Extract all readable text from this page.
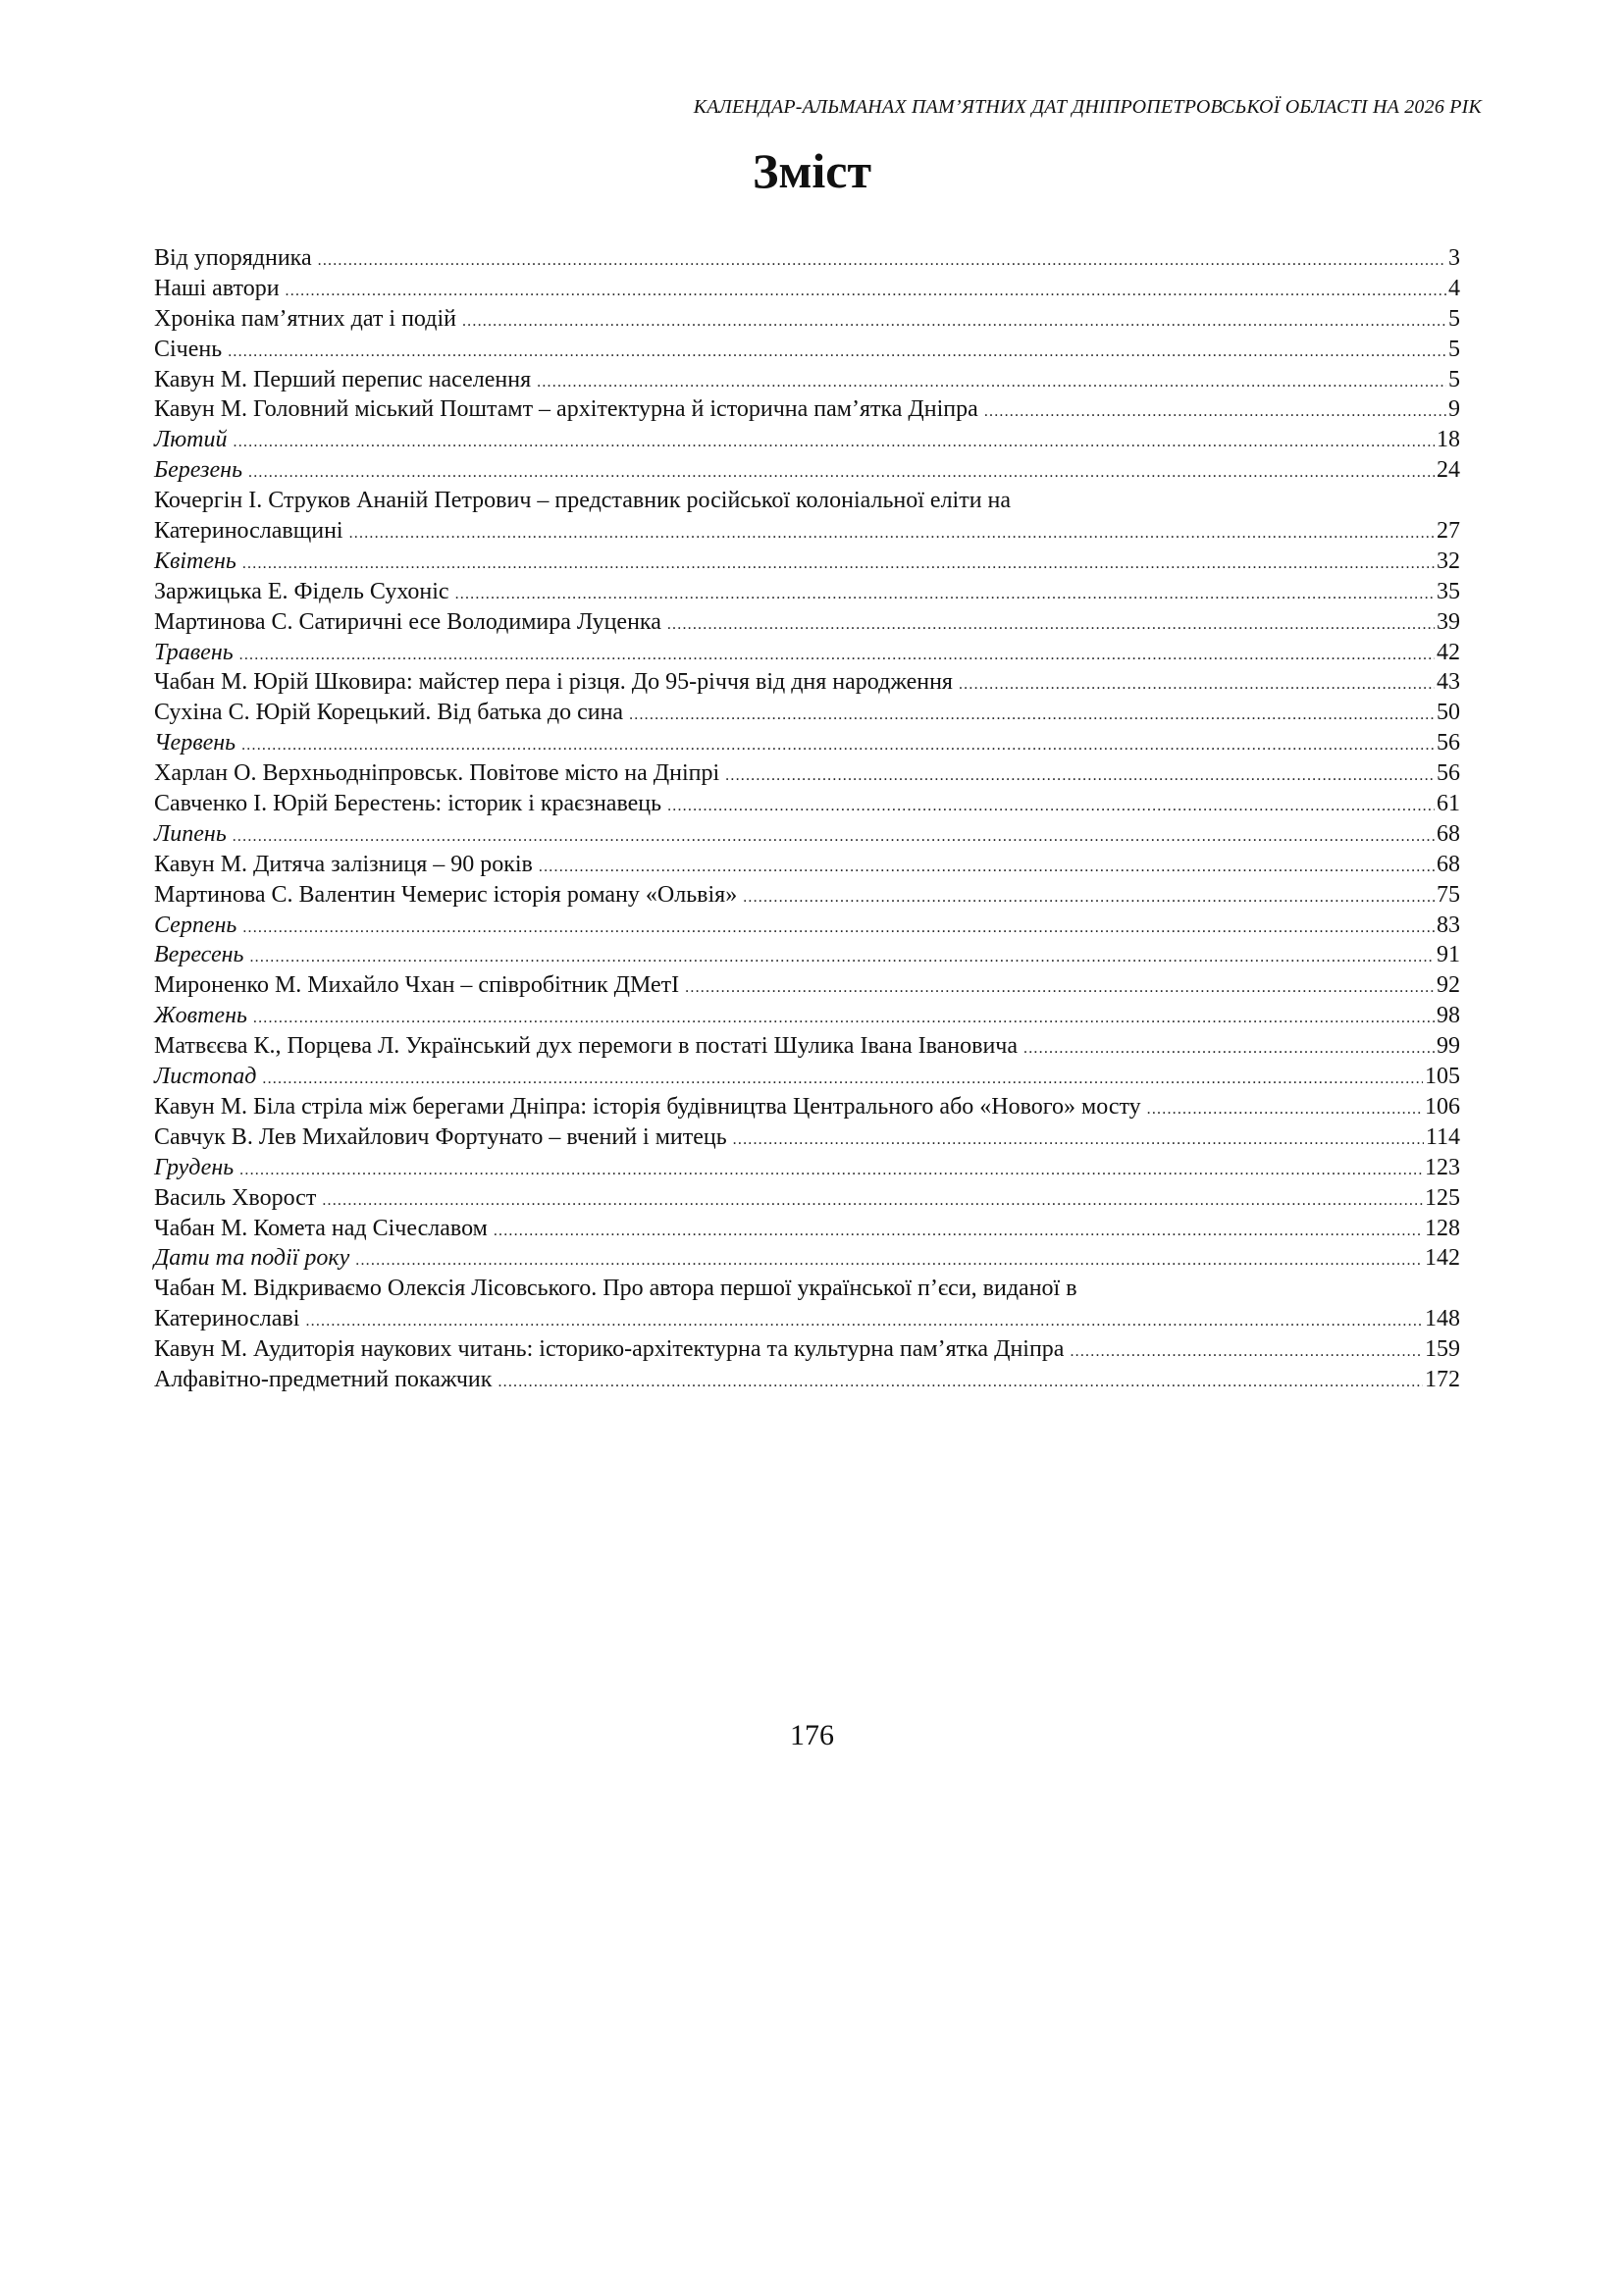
КАЛЕНДАР-АЛЬМАНАХ ПАМ’ЯТНИХ ДАТ ДНІПРОПЕТРОВСЬКОЇ ОБЛАСТІ НА 2026 РІК
Зміст
Від упорядника .....	3
Наші автори .....	4
Хроніка пам’ятних дат і подій .....	5
Січень .....	5
Кавун М. Перший перепис населення .....	5
Кавун М. Головний міський Поштамт – архітектурна й історична пам’ятка Дніпра .....	9
Лютий .....	18
Березень .....	24
Кочергін І. Струков Ананій Петрович – представник російської колоніальної еліти на
Катеринославщині .....	27
Квітень .....	32
Заржицька Е. Фідель Сухоніс .....	35
Мартинова С. Сатиричні есе Володимира Луценка .....	39
Травень .....	42
Чабан М. Юрій Шковира: майстер пера і різця. До 95-річчя від дня народження .....	43
Сухіна С. Юрій Корецький. Від батька до сина .....	50
Червень .....	56
Харлан О. Верхньодніпровськ. Повітове місто на Дніпрі .....	56
Савченко І. Юрій Берестень: історик і краєзнавець .....	61
Липень .....	68
Кавун М. Дитяча залізниця – 90 років .....	68
Мартинова С. Валентин Чемерис історія роману «Ольвія» .....	75
Серпень .....	83
Вересень .....	91
Мироненко М. Михайло Чхан – співробітник ДМетІ .....	92
Жовтень .....	98
Матвєєва К., Порцева Л. Український дух перемоги в постаті Шулика Івана Івановича .....	99
Листопад .....	105
Кавун М. Біла стріла між берегами Дніпра: історія будівництва Центрального або «Нового» мосту .....	106
Савчук В. Лев Михайлович Фортунато – вчений і митець .....	114
Грудень .....	123
Василь Хворост .....	125
Чабан М. Комета над Січеславом .....	128
Дати та події року .....	142
Чабан М. Відкриваємо Олексія Лісовського. Про автора першої української п’єси, виданої в
Катеринославі .....	148
Кавун М. Аудиторія наукових читань: історико-архітектурна та культурна пам’ятка Дніпра .....	159
Алфавітно-предметний покажчик .....	172
176
